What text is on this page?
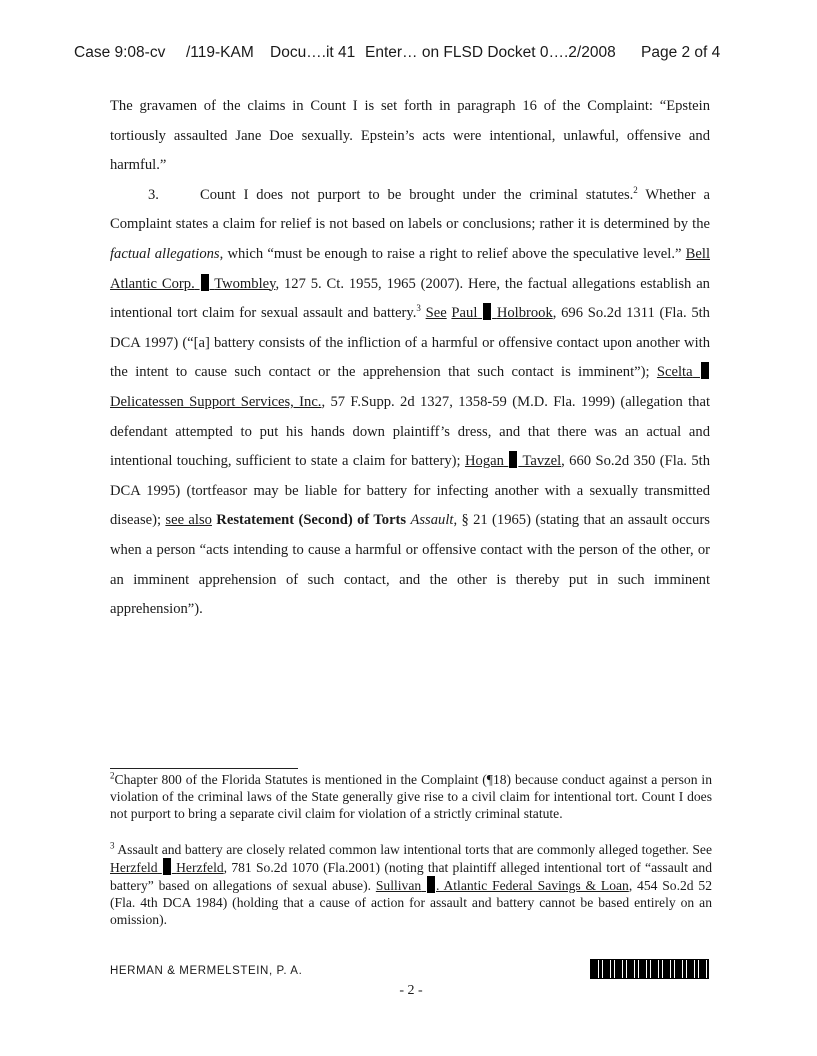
Case 9:08-cv	/119-KAM	Docu….it 41 Enter… on FLSD Docket 0….2/2008	Page 2 of 4

The gravamen of the claims in Count I is set forth in paragraph 16 of the Complaint: “Epstein tortiously assaulted Jane Doe sexually. Epstein’s acts were intentional, unlawful, offensive and harmful.”

3.	Count I does not purport to be brought under the criminal statutes.$^2$ Whether a Complaint states a claim for relief is not based on labels or conclusions; rather it is determined by the factual allegations, which “must be enough to raise a right to relief above the speculative level.” Bell Atlantic Corp. Twombley, 127 5. Ct. 1955, 1965 (2007). Here, the factual allegations establish an intentional tort claim for sexual assault and battery.$^3$ See Paul Holbrook, 696 So.2d 1311 (Fla. 5th DCA 1997) (“[a] battery consists of the infliction of a harmful or offensive contact upon another with the intent to cause such contact or the apprehension that such contact is imminent”); Scelta  Delicatessen Support Services, Inc., 57 F.Supp. 2d 1327, 1358-59 (M.D. Fla. 1999) (allegation that defendant attempted to put his hands down plaintiff’s dress, and that there was an actual and intentional touching, sufficient to state a claim for battery); Hogan Tavzel, 660 So.2d 350 (Fla. 5th DCA 1995) (tortfeasor may be liable for battery for infecting another with a sexually transmitted disease); see also Restatement (Second) of Torts Assault, § 21 (1965) (stating that an assault occurs when a person “acts intending to cause a harmful or offensive contact with the person of the other, or an imminent apprehension of such contact, and the other is thereby put in such imminent apprehension”).

$^2$Chapter 800 of the Florida Statutes is mentioned in the Complaint (¶18) because conduct against a person in violation of the criminal laws of the State generally give rise to a civil claim for intentional tort. Count I does not purport to bring a separate civil claim for violation of a strictly criminal statute.

$^3$ Assault and battery are closely related common law intentional torts that are commonly alleged together. See Herzfeld Herzfeld, 781 So.2d 1070 (Fla.2001) (noting that plaintiff alleged intentional tort of “assault and battery” based on allegations of sexual abuse). Sullivan . Atlantic Federal Savings & Loan, 454 So.2d 52 (Fla. 4th DCA 1984) (holding that a cause of action for assault and battery cannot be based entirely on an omission).

HERMAN & MERMELSTEIN, P. A.
- 2 -
